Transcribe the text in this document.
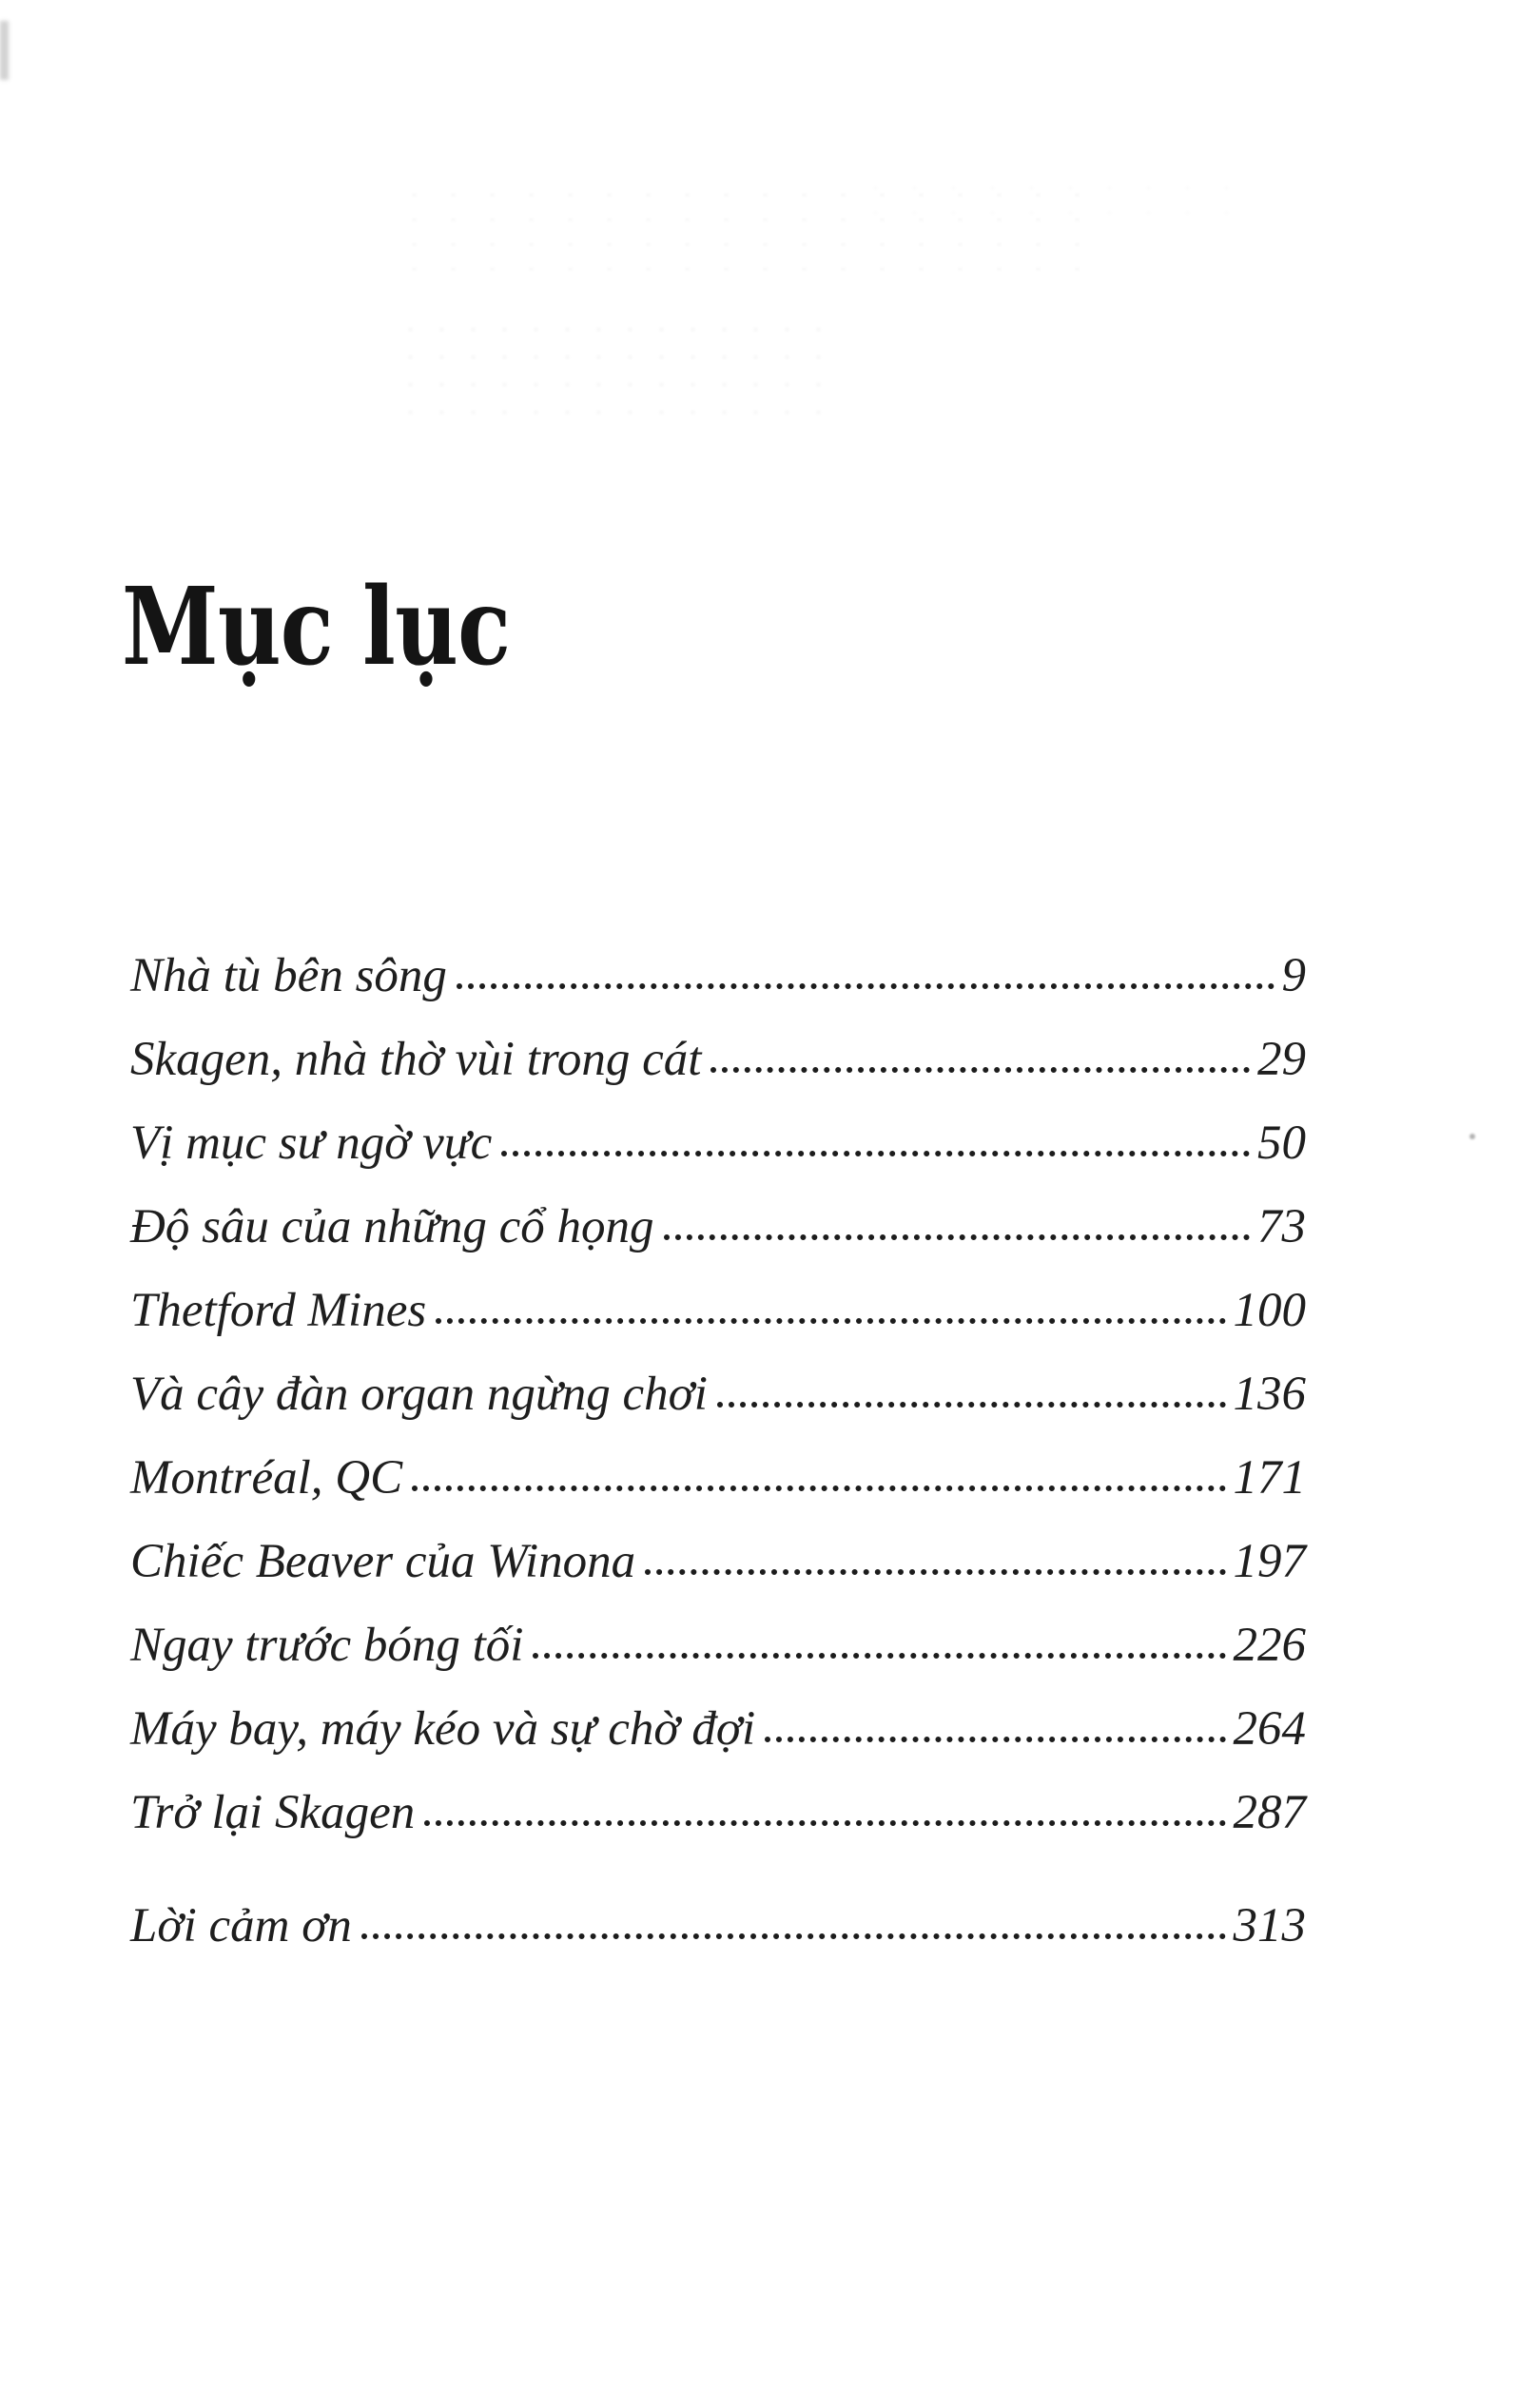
Mục lục
Nhà tù bên sông	9
Skagen, nhà thờ vùi trong cát	29
Vị mục sư ngờ vực	50
Độ sâu của những cổ họng	73
Thetford Mines	100
Và cây đàn organ ngừng chơi	136
Montréal, QC	171
Chiếc Beaver của Winona	197
Ngay trước bóng tối	226
Máy bay, máy kéo và sự chờ đợi	264
Trở lại Skagen	287
Lời cảm ơn	313
